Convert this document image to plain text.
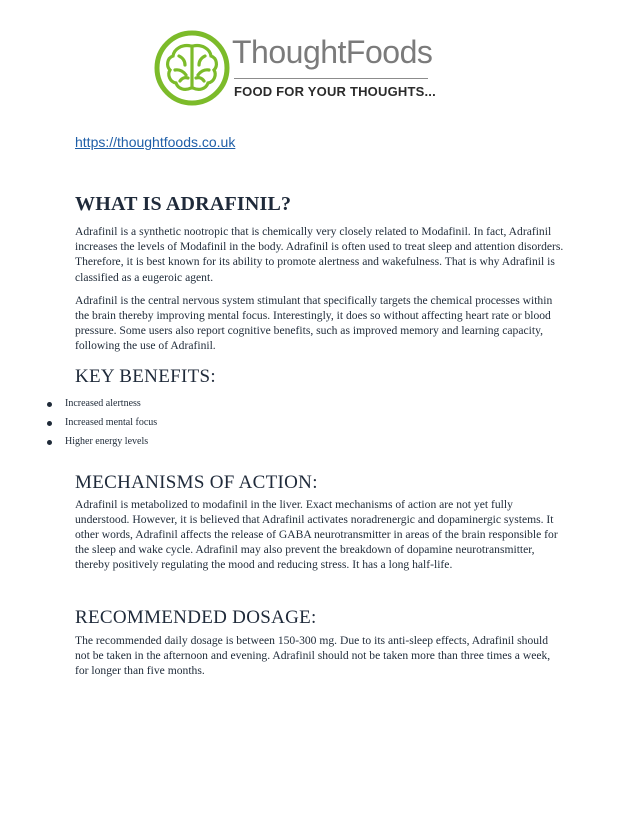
ThoughtFoods
FOOD FOR YOUR THOUGHTS...
https://thoughtfoods.co.uk
WHAT IS ADRAFINIL?

Adrafinil is a synthetic nootropic that is chemically very closely related to Modafinil. In fact, Adrafinil increases the levels of Modafinil in the body. Adrafinil is often used to treat sleep and attention disorders. Therefore, it is best known for its ability to promote alertness and wakefulness. That is why Adrafinil is classified as a eugeroic agent.

Adrafinil is the central nervous system stimulant that specifically targets the chemical processes within the brain thereby improving mental focus. Interestingly, it does so without affecting heart rate or blood pressure. Some users also report cognitive benefits, such as improved memory and learning capacity, following the use of Adrafinil.

KEY BENEFITS:
Increased alertness
Increased mental focus
Higher energy levels
MECHANISMS OF ACTION:

Adrafinil is metabolized to modafinil in the liver. Exact mechanisms of action are not yet fully understood. However, it is believed that Adrafinil activates noradrenergic and dopaminergic systems. It other words, Adrafinil affects the release of GABA neurotransmitter in areas of the brain responsible for the sleep and wake cycle. Adrafinil may also prevent the breakdown of dopamine neurotransmitter, thereby positively regulating the mood and reducing stress. It has a long half-life.

RECOMMENDED DOSAGE:

The recommended daily dosage is between 150-300 mg. Due to its anti-sleep effects, Adrafinil should not be taken in the afternoon and evening. Adrafinil should not be taken more than three times a week, for longer than five months.
